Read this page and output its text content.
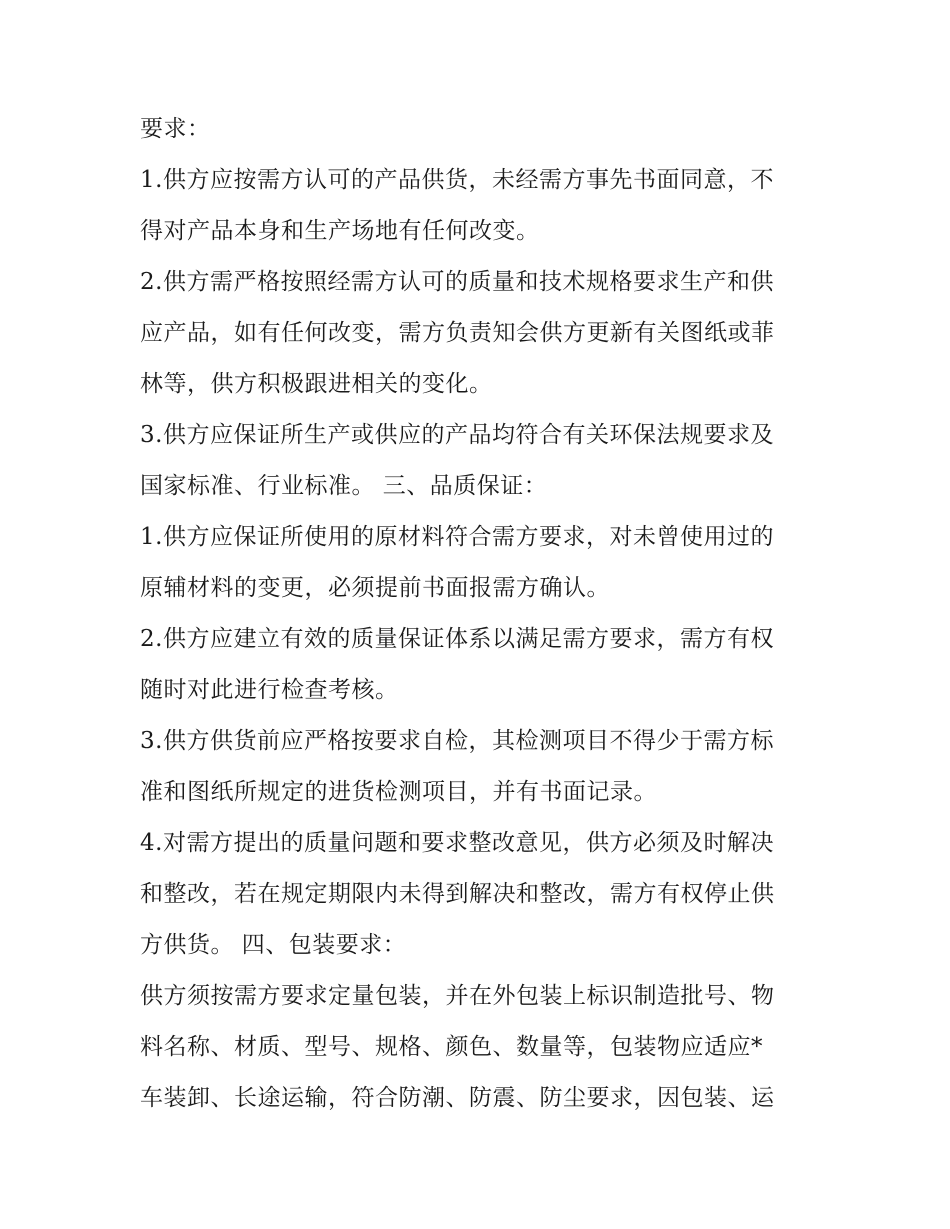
要求：
1.供方应按需方认可的产品供货，未经需方事先书面同意，不
得对产品本身和生产场地有任何改变。
2.供方需严格按照经需方认可的质量和技术规格要求生产和供
应产品，如有任何改变，需方负责知会供方更新有关图纸或菲
林等，供方积极跟进相关的变化。
3.供方应保证所生产或供应的产品均符合有关环保法规要求及
国家标准、行业标准。 三、品质保证：
1.供方应保证所使用的原材料符合需方要求，对未曾使用过的
原辅材料的变更，必须提前书面报需方确认。
2.供方应建立有效的质量保证体系以满足需方要求，需方有权
随时对此进行检查考核。
3.供方供货前应严格按要求自检，其检测项目不得少于需方标
准和图纸所规定的进货检测项目，并有书面记录。
4.对需方提出的质量问题和要求整改意见，供方必须及时解决
和整改，若在规定期限内未得到解决和整改，需方有权停止供
方供货。 四、包装要求：
供方须按需方要求定量包装，并在外包装上标识制造批号、物
料名称、材质、型号、规格、颜色、数量等，包装物应适应*
车装卸、长途运输，符合防潮、防震、防尘要求，因包装、运
